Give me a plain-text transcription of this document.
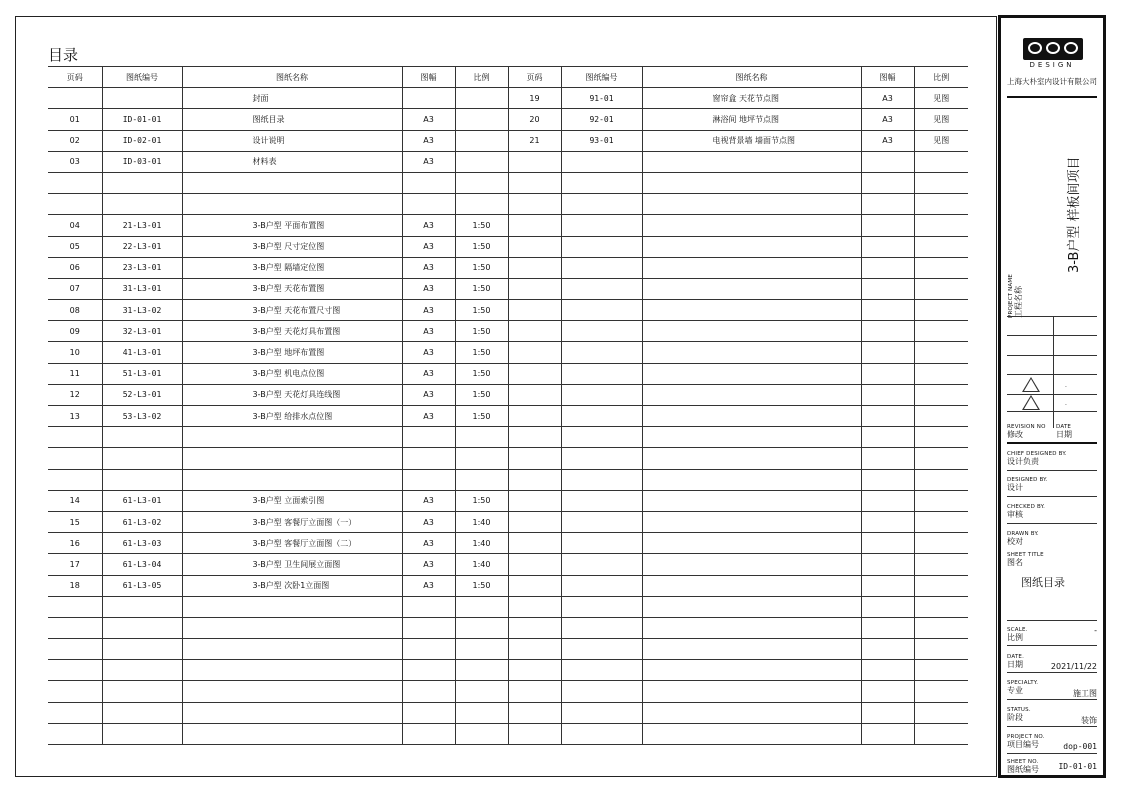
目录
页码	图纸编号	图纸名称	图幅	比例	页码	图纸编号	图纸名称	图幅	比例
		封面			19	91-01	窗帘盒 天花节点图	A3	见图
01	ID-01-01	图纸目录	A3		20	92-01	淋浴间 地坪节点图	A3	见图
02	ID-02-01	设计说明	A3		21	93-01	电视背景墙 墙面节点图	A3	见图
03	ID-03-01	材料表	A3						

04	21-L3-01	3-B户型 平面布置图	A3	1:50					
05	22-L3-01	3-B户型 尺寸定位图	A3	1:50					
06	23-L3-01	3-B户型 隔墙定位图	A3	1:50					
07	31-L3-01	3-B户型 天花布置图	A3	1:50					
08	31-L3-02	3-B户型 天花布置尺寸图	A3	1:50					
09	32-L3-01	3-B户型 天花灯具布置图	A3	1:50					
10	41-L3-01	3-B户型 地坪布置图	A3	1:50					
11	51-L3-01	3-B户型 机电点位图	A3	1:50					
12	52-L3-01	3-B户型 天花灯具连线图	A3	1:50					
13	53-L3-02	3-B户型 给排水点位图	A3	1:50					

14	61-L3-01	3-B户型 立面索引图	A3	1:50					
15	61-L3-02	3-B户型 客餐厅立面图（一）	A3	1:40					
16	61-L3-03	3-B户型 客餐厅立面图（二）	A3	1:40					
17	61-L3-04	3-B户型 卫生间展立面图	A3	1:40					
18	61-L3-05	3-B户型 次卧1立面图	A3	1:50					

DESIGN
上海大朴室内设计有限公司
3-B户型 样板间项目
PROJECT NAME 工程名称
.
.
REVISION NO
修改
DATE
日期
CHIEF DESIGNED BY.
设计负责
DESIGNED BY.
设计
CHECKED BY.
审核
DRAWN BY.
校对
SHEET TITLE
图名
图纸目录
SCALE.
比例
-
DATE.
日期	2021/11/22
SPECIALTY.
专业	施工图
STATUS.
阶段	装饰
PROJECT NO.
项目编号	dop-001
SHEET NO.
图纸编号 ID-01-01
